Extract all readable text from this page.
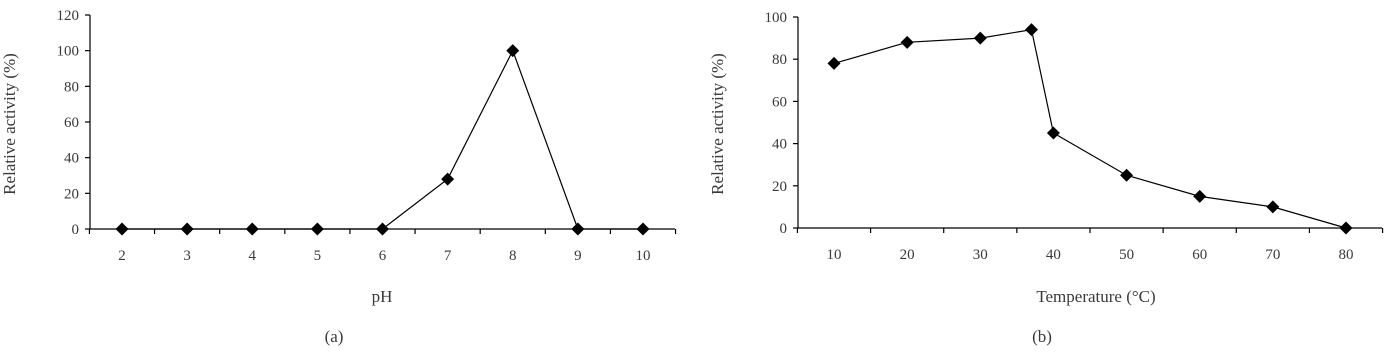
Relative activity (%)
pH
(a)
0
20
40
60
80
100
120
2	3	4	5	6	7	8	9	10
Relative activity (%)
Temperature (°C)
(b)
0
20
40
60
80
100
10	20	30	40	50	60	70	80
